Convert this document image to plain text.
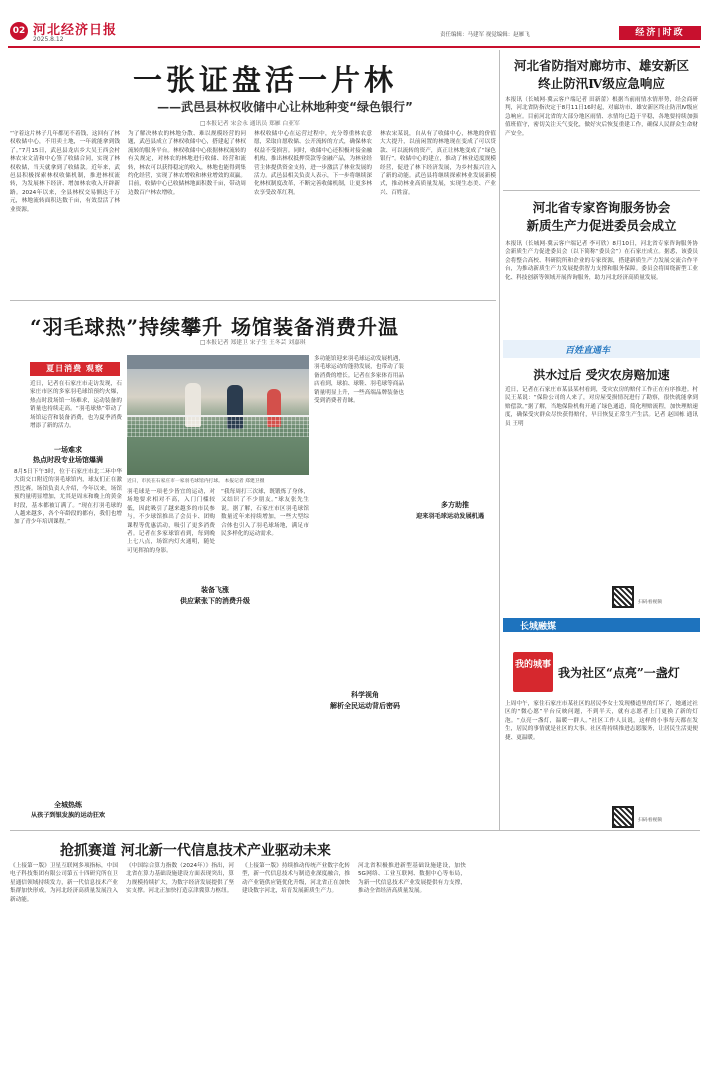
02 河北经济日报
2025.8.12
责任编辑：马建军 视觉编辑：赵雁飞	经济|时政
一张证盘活一片林
——武邑县林权收储中心让林地种变“绿色银行”
□本报记者 宋会永 通讯员 郑雁 白亚军
“守着这片林子几年都见不着钱，这回有了林权收储中心，不用卖土地，一年就能拿到钱了。”7月15日，武邑县龙店乡大吴王西会村林农宋文清和中心签了收储合同，实现了林权收储，当天就拿到了收储款。近年来，武邑县积极探索林权收储机制，推进林权流转，为发展林下经济、增加林农收入开辟新路。2024年以来，全县林权交易额达千万元，林地流转面积达数千亩，有效盘活了林业资源。
为了解决林农的林地分散、难以规模经营的问题，武邑县成立了林权收储中心，搭建起了林权流转的服务平台。林权收储中心依据林权流转的有关规定，对林农的林地进行收储、经营和流转，林农可以获得稳定的收入，林地也能得到集约化经营，实现了林农增收和林业增效的双赢。目前，收储中心已收储林地面积数千亩，带动周边数百户林农增收。
林权收储中心在运营过程中，充分尊重林农意愿，采取自愿收储、公开流转的方式，确保林农权益不受损害。同时，收储中心还积极对接金融机构，推出林权抵押贷款等金融产品，为林业经营主体提供资金支持，进一步激活了林业发展的活力。武邑县相关负责人表示，下一步将继续深化林权制度改革，不断完善收储机制，让更多林农享受改革红利。
林农宋某说，自从有了收储中心，林地的价值大大提升，以前闲置的林地现在变成了可以贷款、可以流转的资产，真正让林地变成了“绿色银行”。收储中心的建立，推动了林业适度规模经营，促进了林下经济发展，为乡村振兴注入了新的动能。武邑县将继续探索林业发展新模式，推动林业高质量发展，实现生态美、产业兴、百姓富。
河北省防指对廊坊市、雄安新区
终止防汛Ⅳ级应急响应
本报讯（长城网·冀云客户端记者 田新蕾）根据当前雨情水情形势，经会商研判，河北省防指决定于8月11日16时起，对廊坊市、雄安新区终止防汛Ⅳ级应急响应。目前河北省的大部分地区雨情、水情均已趋于平稳，各地要持续加强值班值守，密切关注天气变化，做好灾后恢复重建工作，确保人民群众生命财产安全。
河北省专家咨询服务协会
新质生产力促进委员会成立
本报讯（长城网·冀云客户端记者 李可欣）8月10日，河北省专家咨询服务协会新质生产力促进委员会（以下简称“委员会”）在石家庄成立。据悉，该委员会将整合高校、科研院所和企业的专家资源，搭建新质生产力发展交流合作平台，为推动新质生产力发展提供智力支撑和服务保障。委员会将围绕新型工业化、科技创新等领域开展咨询服务，助力河北经济高质量发展。
百姓直通车
洪水过后 受灾农房赔加速
近日，记者在石家庄市某县某村看到，受灾农房的赔付工作正在有序推进。村民王某说：“保险公司的人来了，对房屋受损情况进行了勘察，很快就能拿到赔偿款。”据了解，当地保险机构开通了绿色通道，简化理赔流程，加快理赔速度，确保受灾群众尽快获得赔付，早日恢复正常生产生活。记者 赵国栋 通讯员 王明
扫码看视频
长城融媒
我的城事
我为社区“点亮”一盏灯
上周中午，家住石家庄市某社区的居民李女士发现楼道里的灯坏了，她通过社区的“微心愿”平台反映问题，不到半天，就有志愿者上门更换了新的灯泡。“点亮一盏灯，温暖一群人。”社区工作人员说，这样的小事每天都在发生，居民的事情就是社区的大事。社区将持续推进志愿服务，让居民生活更便捷、更温暖。
扫码看视频
“羽毛球热”持续攀升 场馆装备消费升温
□本报记者 郑建卫 宋子生 王冬芸 刘嘉琪
夏日消费 观察
近日，记者在石家庄市走访发现，石家庄市区的多家羽毛球馆预约火爆，热点时段场馆一场难求，运动装备的销量也持续走高。“羽毛球热”带动了场馆运营和装备消费，也为夏季消费增添了新的活力。
一场难求
热点时段专业场馆爆满
近日，市民在石家庄市一家羽毛球馆内打球。 本报记者 郑建卫摄
8月5日下午3时，位于石家庄市北二环中华大街交口附近的羽毛球馆内，球友们正在激烈比赛。场馆负责人介绍，今年以来，场馆预约量明显增加，尤其是周末和晚上的黄金时段，基本都被订满了。“现在打羽毛球的人越来越多，各个年龄段的都有，我们也增加了青少年培训课程。”
羽毛球是一项老少皆宜的运动，对场地要求相对不高，入门门槛较低，因此吸引了越来越多的市民参与。不少球馆推出了会员卡、团购课程等优惠活动，吸引了更多消费者。记者在多家球馆看到，每到晚上七八点，场馆内灯火通明，随处可见挥拍的身影。
“我每周打三次球，既锻炼了身体，又结识了不少朋友。”球友张先生说。据了解，石家庄市区羽毛球馆数量近年来持续增加，一些大型综合体也引入了羽毛球场地，满足市民多样化的运动需求。
多功能馆迎来羽毛球运动发展机遇，羽毛球运动的蓬勃发展，也带动了装备消费的增长。记者在多家体育用品店看到，球拍、球鞋、羽毛球等商品销量明显上升，一些高端品牌装备也受到消费者青睐。
装备飞涨
供应紧张下的消费升级
科学视角
解析全民运动背后密码
多方助推
迎来羽毛球运动发展机遇
全城热练
从孩子到银发族的运动狂欢
抢抓赛道 河北新一代信息技术产业驱动未来
《上接第一版》卫星互联网多项指标，中国电子科技集团有限公司第五十四研究所在卫星通信领域持续发力，新一代信息技术产业集群加快形成，为河北经济高质量发展注入新动能。
《中国综合算力指数（2024年）》指出，河北省在算力基础设施建设方面表现突出，算力规模持续扩大，为数字经济发展提供了坚实支撑。河北正加快打造京津冀算力枢纽。
《上接第一版》持续推动传统产业数字化转型，新一代信息技术与制造业深度融合，推动产业链供应链优化升级，河北省正在加快建设数字河北，培育发展新质生产力。
河北省积极推进新型基础设施建设，加快5G网络、工业互联网、数据中心等布局，为新一代信息技术产业发展提供有力支撑，推动全省经济高质量发展。
